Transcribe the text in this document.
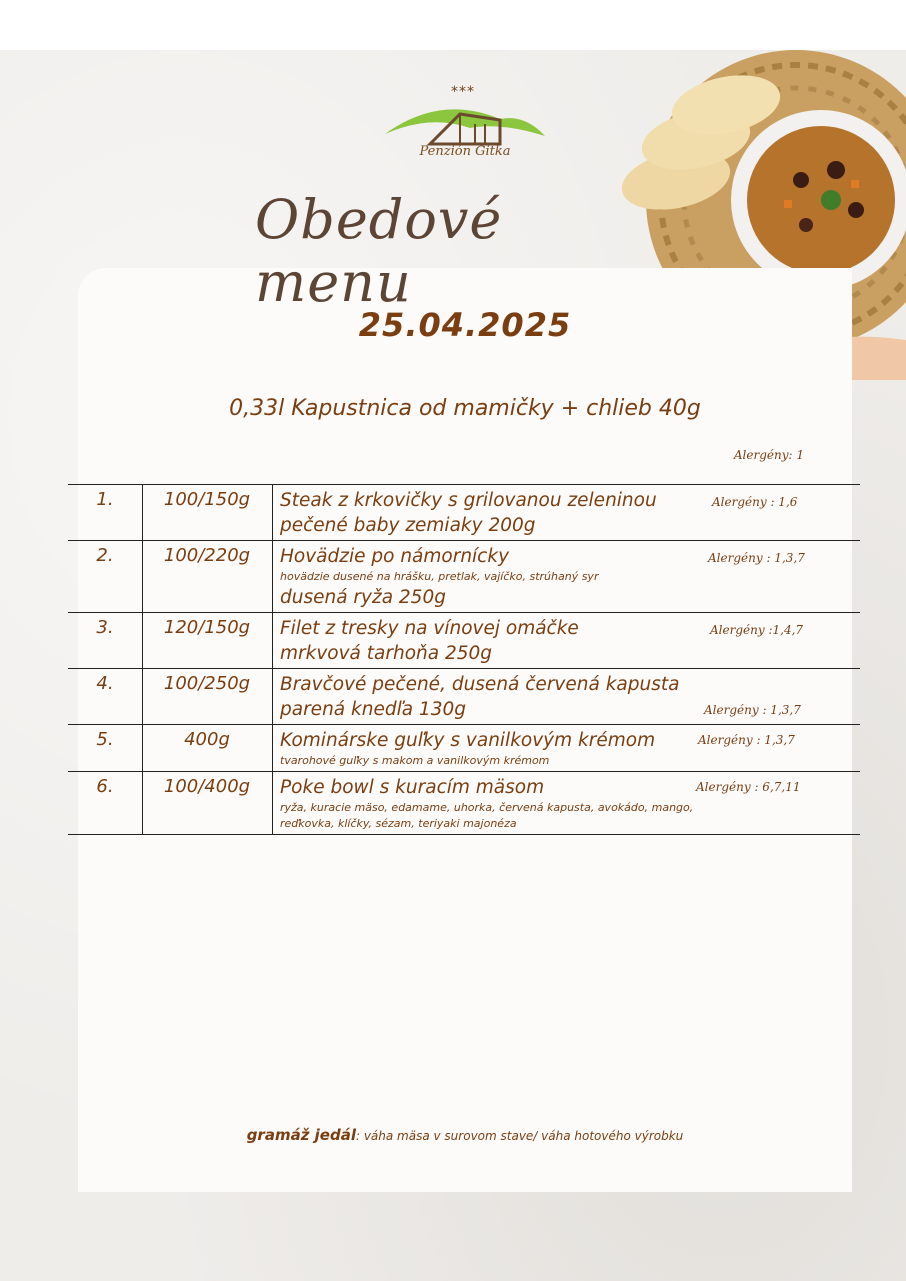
***
Penzión Gitka
Obedové menu
25.04.2025
0,33l Kapustnica od mamičky + chlieb 40g
Alergény: 1
1.	100/150g	Steak z krkovičky s grilovanou zeleninou
pečené baby zemiaky 200g
Alergény : 1,6
2.	100/220g	Hovädzie po námornícky
hovädzie dusené na hrášku, pretlak, vajíčko, strúhaný syr
dusená ryža 250g
Alergény : 1,3,7
3.	120/150g	Filet z tresky na vínovej omáčke
mrkvová tarhoňa 250g
Alergény :1,4,7
4.	100/250g	Bravčové pečené, dusená červená kapusta
parená knedľa 130g	Alergény : 1,3,7
5.	400g	Kominárske guľky s vanilkovým krémom
tvarohové guľky s makom a vanilkovým krémom
Alergény : 1,3,7
6.	100/400g	Poke bowl s kuracím mäsom
ryža, kuracie mäso, edamame, uhorka, červená kapusta, avokádo, mango,
reďkovka, klíčky, sézam, teriyaki majonéza
Alergény : 6,7,11
gramáž jedál: váha mäsa v surovom stave/ váha hotového výrobku
